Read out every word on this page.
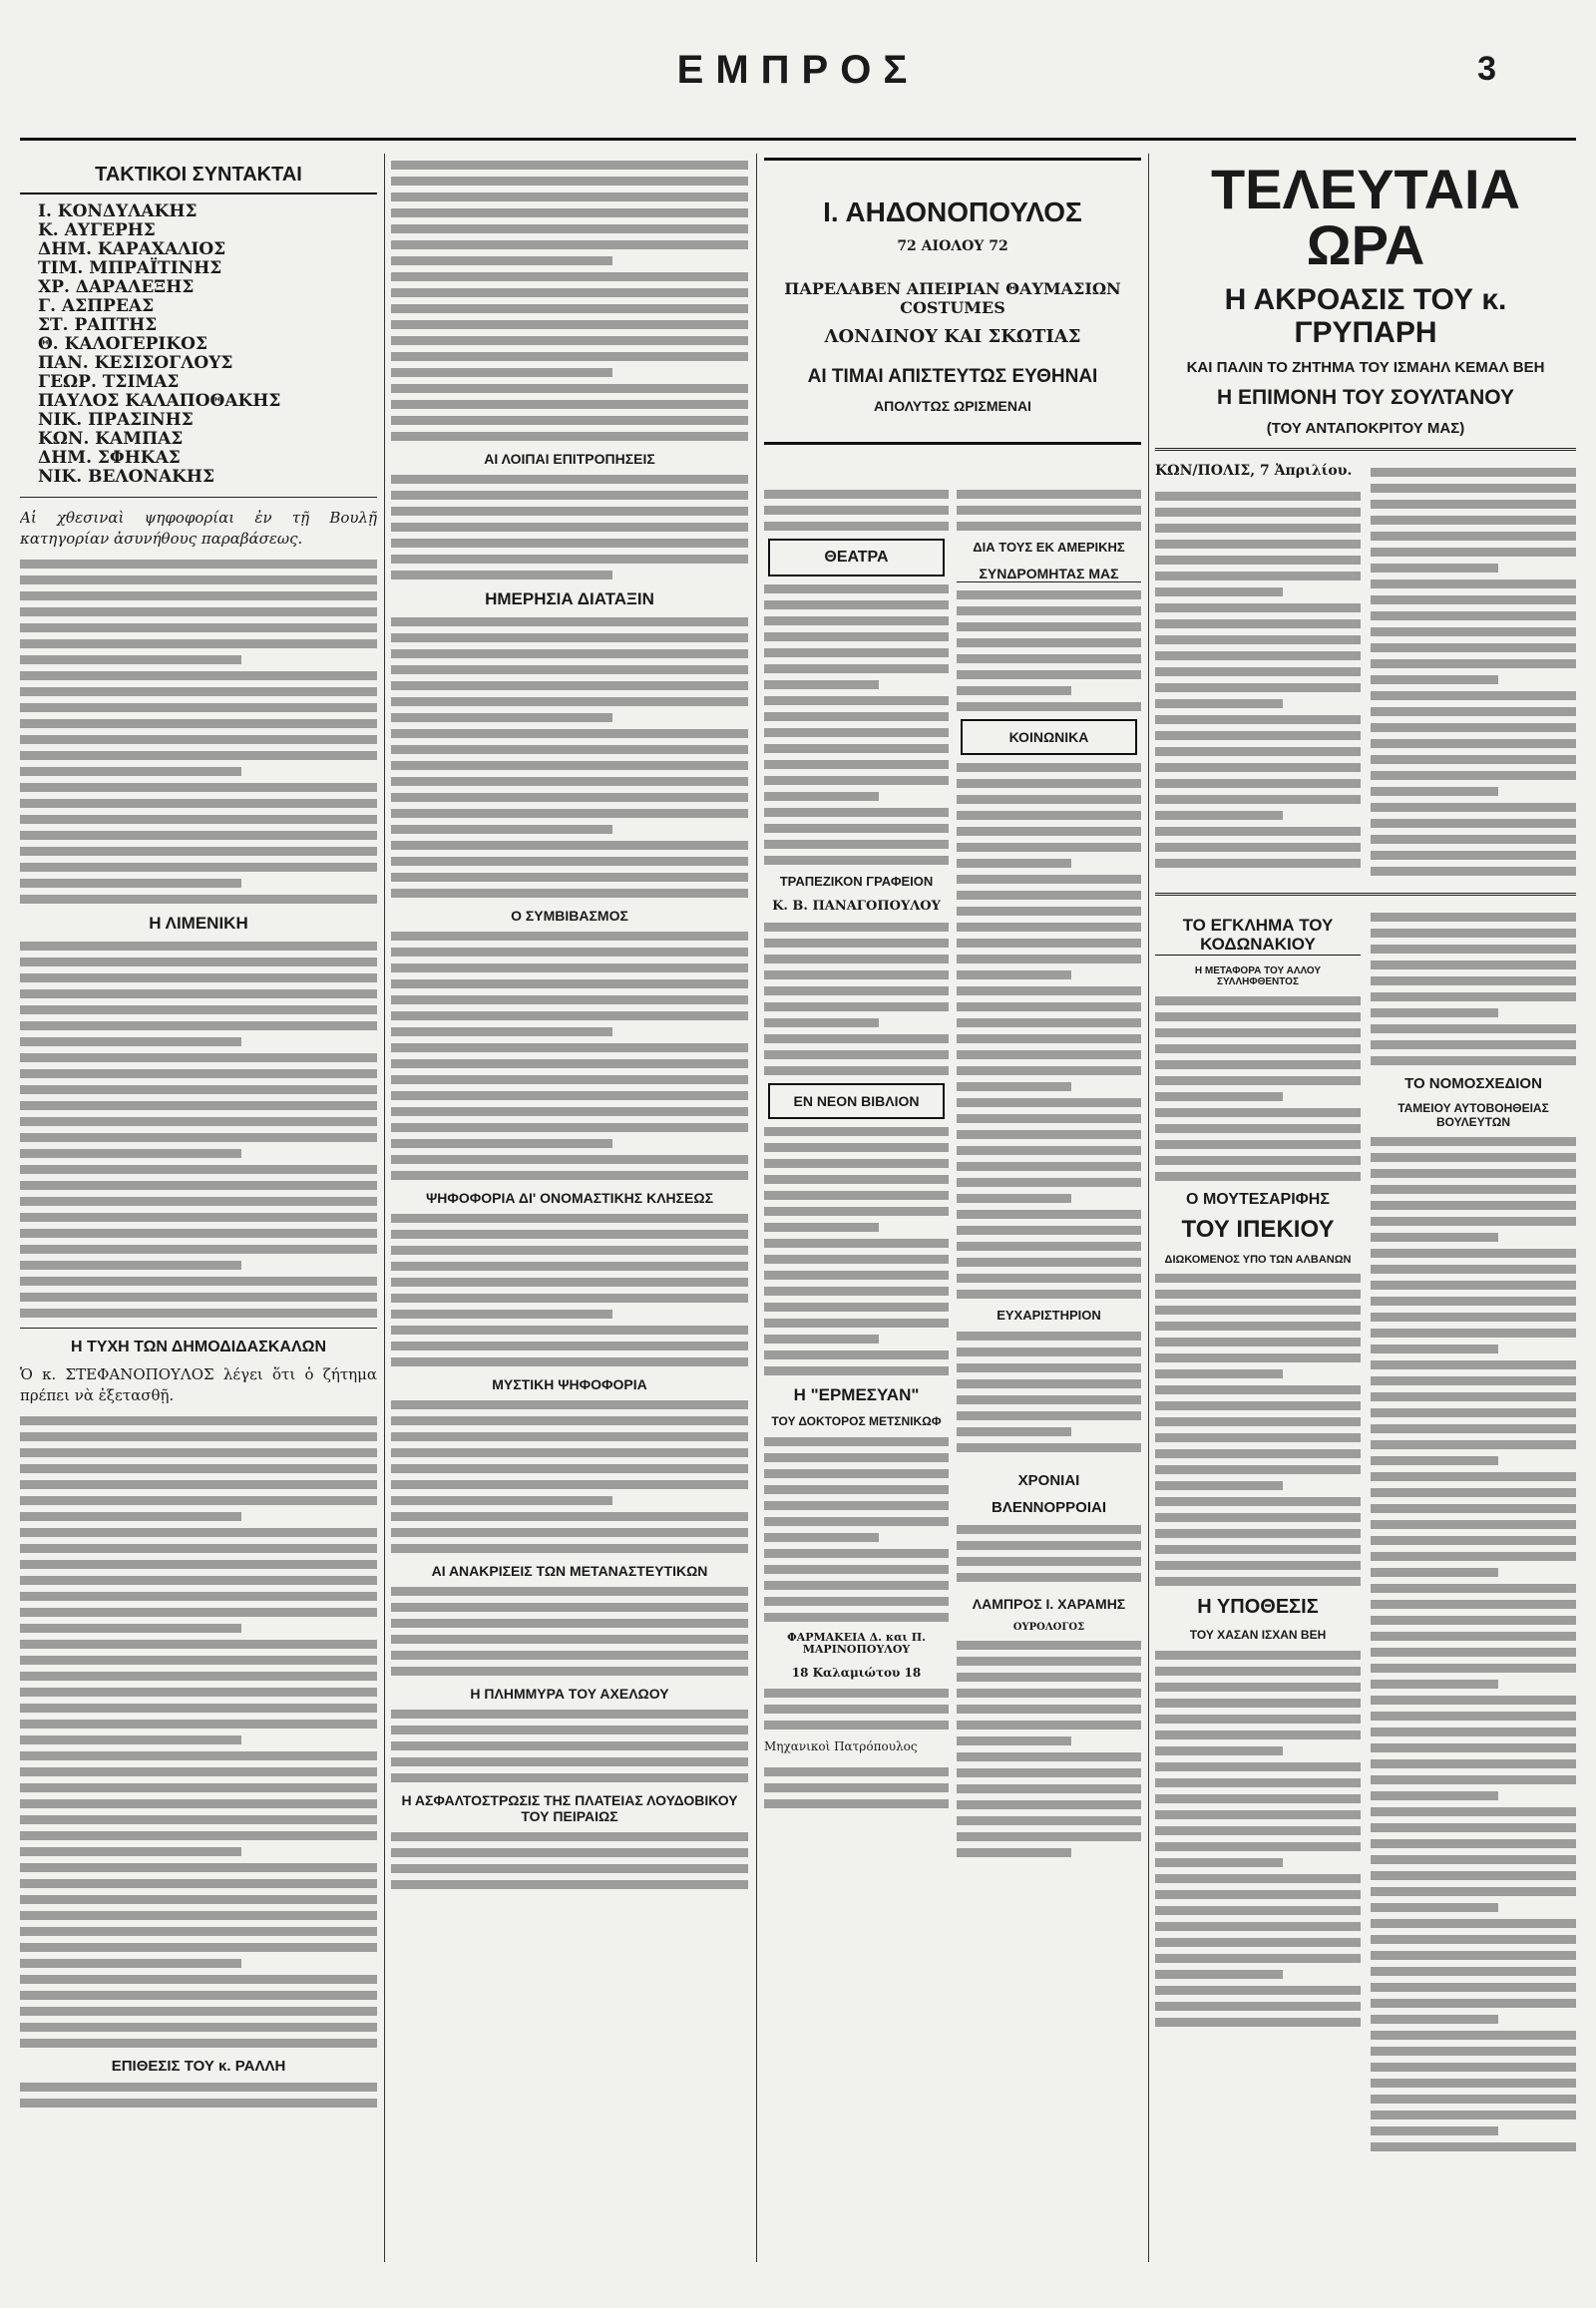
ΕΜΠΡΟΣ	3
ΤΑΚΤΙΚΟΙ ΣΥΝΤΑΚΤΑΙ
Ι. ΚΟΝΔΥΛΑΚΗΣ
Κ. ΑΥΓΕΡΗΣ
ΔΗΜ. ΚΑΡΑΧΑΛΙΟΣ
ΤΙΜ. ΜΠΡΑΪΤΙΝΗΣ
ΧΡ. ΔΑΡΑΛΕΞΗΣ
Γ. ΑΣΠΡΕΑΣ
ΣΤ. ΡΑΠΤΗΣ
Θ. ΚΑΛΟΓΕΡΙΚΟΣ
ΠΑΝ. ΚΕΣΙΣΟΓΛΟΥΣ
ΓΕΩΡ. ΤΣΙΜΑΣ
ΠΑΥΛΟΣ ΚΑΛΑΠΟΘΑΚΗΣ
ΝΙΚ. ΠΡΑΣΙΝΗΣ
ΚΩΝ. ΚΑΜΠΑΣ
ΔΗΜ. ΣΦΗΚΑΣ
ΝΙΚ. ΒΕΛΟΝΑΚΗΣ

Αἱ χθεσιναὶ ψηφοφορίαι ἐν τῇ Βουλῇ κατηγορίαν ἀσυνήθους παραβάσεως.

Η ΛΙΜΕΝΙΚΗ
Η ΤΥΧΗ ΤΩΝ ΔΗΜΟΔΙΔΑΣΚΑΛΩΝ

Ὁ κ. ΣΤΕΦΑΝΟΠΟΥΛΟΣ λέγει ὅτι ὁ ζήτημα πρέπει νὰ ἐξετασθῇ.

ΕΠΙΘΕΣΙΣ ΤΟΥ κ. ΡΑΛΛΗ
ΑΙ ΛΟΙΠΑΙ ΕΠΙΤΡΟΠΗΣΕΙΣ
ΗΜΕΡΗΣΙΑ ΔΙΑΤΑΞΙΝ
Ο ΣΥΜΒΙΒΑΣΜΟΣ
ΨΗΦΟΦΟΡΙΑ ΔΙ' ΟΝΟΜΑΣΤΙΚΗΣ ΚΛΗΣΕΩΣ
ΜΥΣΤΙΚΗ ΨΗΦΟΦΟΡΙΑ
ΑΙ ΑΝΑΚΡΙΣΕΙΣ ΤΩΝ ΜΕΤΑΝΑΣΤΕΥΤΙΚΩΝ
Η ΠΛΗΜΜΥΡΑ ΤΟΥ ΑΧΕΛΩΟΥ
Η ΑΣΦΑΛΤΟΣΤΡΩΣΙΣ ΤΗΣ ΠΛΑΤΕΙΑΣ ΛΟΥΔΟΒΙΚΟΥ ΤΟΥ ΠΕΙΡΑΙΩΣ
Ι. ΑΗΔΟΝΟΠΟΥΛΟΣ
72 ΑΙΟΛΟΥ 72
ΠΑΡΕΛΑΒΕΝ ΑΠΕΙΡΙΑΝ ΘΑΥΜΑΣΙΩΝ COSTUMES
ΛΟΝΔΙΝΟΥ ΚΑΙ ΣΚΩΤΙΑΣ
ΑΙ ΤΙΜΑΙ ΑΠΙΣΤΕΥΤΩΣ ΕΥΘΗΝΑΙ
ΑΠΟΛΥΤΩΣ ΩΡΙΣΜΕΝΑΙ
ΘΕΑΤΡΑ
ΤΡΑΠΕΖΙΚΟΝ ΓΡΑΦΕΙΟΝ
Κ. Β. ΠΑΝΑΓΟΠΟΥΛΟΥ
ΕΝ ΝΕΟΝ ΒΙΒΛΙΟΝ
Η "ΕΡΜΕΣΥΑΝ"
ΤΟΥ ΔΟΚΤΟΡΟΣ ΜΕΤΣΝΙΚΩΦ
ΦΑΡΜΑΚΕΙΑ Δ. και Π. ΜΑΡΙΝΟΠΟΥΛΟΥ
18 Καλαμιώτου 18

Μηχανικοὶ Πατρόπουλος

ΔΙΑ ΤΟΥΣ ΕΚ ΑΜΕΡΙΚΗΣ
ΣΥΝΔΡΟΜΗΤΑΣ ΜΑΣ
ΚΟΙΝΩΝΙΚΑ
ΕΥΧΑΡΙΣΤΗΡΙΟΝ
ΧΡΟΝΙΑΙ
ΒΛΕΝΝΟΡΡΟΙΑΙ
ΛΑΜΠΡΟΣ Ι. ΧΑΡΑΜΗΣ
ΟΥΡΟΛΟΓΟΣ
ΤΕΛΕΥΤΑΙΑ ΩΡΑ
Η ΑΚΡΟΑΣΙΣ ΤΟΥ κ. ΓΡΥΠΑΡΗ
ΚΑΙ ΠΑΛΙΝ ΤΟ ΖΗΤΗΜΑ ΤΟΥ ΙΣΜΑΗΛ ΚΕΜΑΛ ΒΕΗ
Η ΕΠΙΜΟΝΗ ΤΟΥ ΣΟΥΛΤΑΝΟΥ
(ΤΟΥ ΑΝΤΑΠΟΚΡΙΤΟΥ ΜΑΣ)

ΚΩΝ/ΠΟΛΙΣ, 7 Ἀπριλίου.

ΤΟ ΕΓΚΛΗΜΑ ΤΟΥ ΚΟΔΩΝΑΚΙΟΥ
Η ΜΕΤΑΦΟΡΑ ΤΟΥ ΑΛΛΟΥ ΣΥΛΛΗΦΘΕΝΤΟΣ
Ο ΜΟΥΤΕΣΑΡΙΦΗΣ
ΤΟΥ ΙΠΕΚΙΟΥ
ΔΙΩΚΟΜΕΝΟΣ ΥΠΟ ΤΩΝ ΑΛΒΑΝΩΝ
Η ΥΠΟΘΕΣΙΣ
ΤΟΥ ΧΑΣΑΝ ΙΣΧΑΝ ΒΕΗ
ΤΟ ΝΟΜΟΣΧΕΔΙΟΝ
ΤΑΜΕΙΟΥ ΑΥΤΟΒΟΗΘΕΙΑΣ ΒΟΥΛΕΥΤΩΝ
